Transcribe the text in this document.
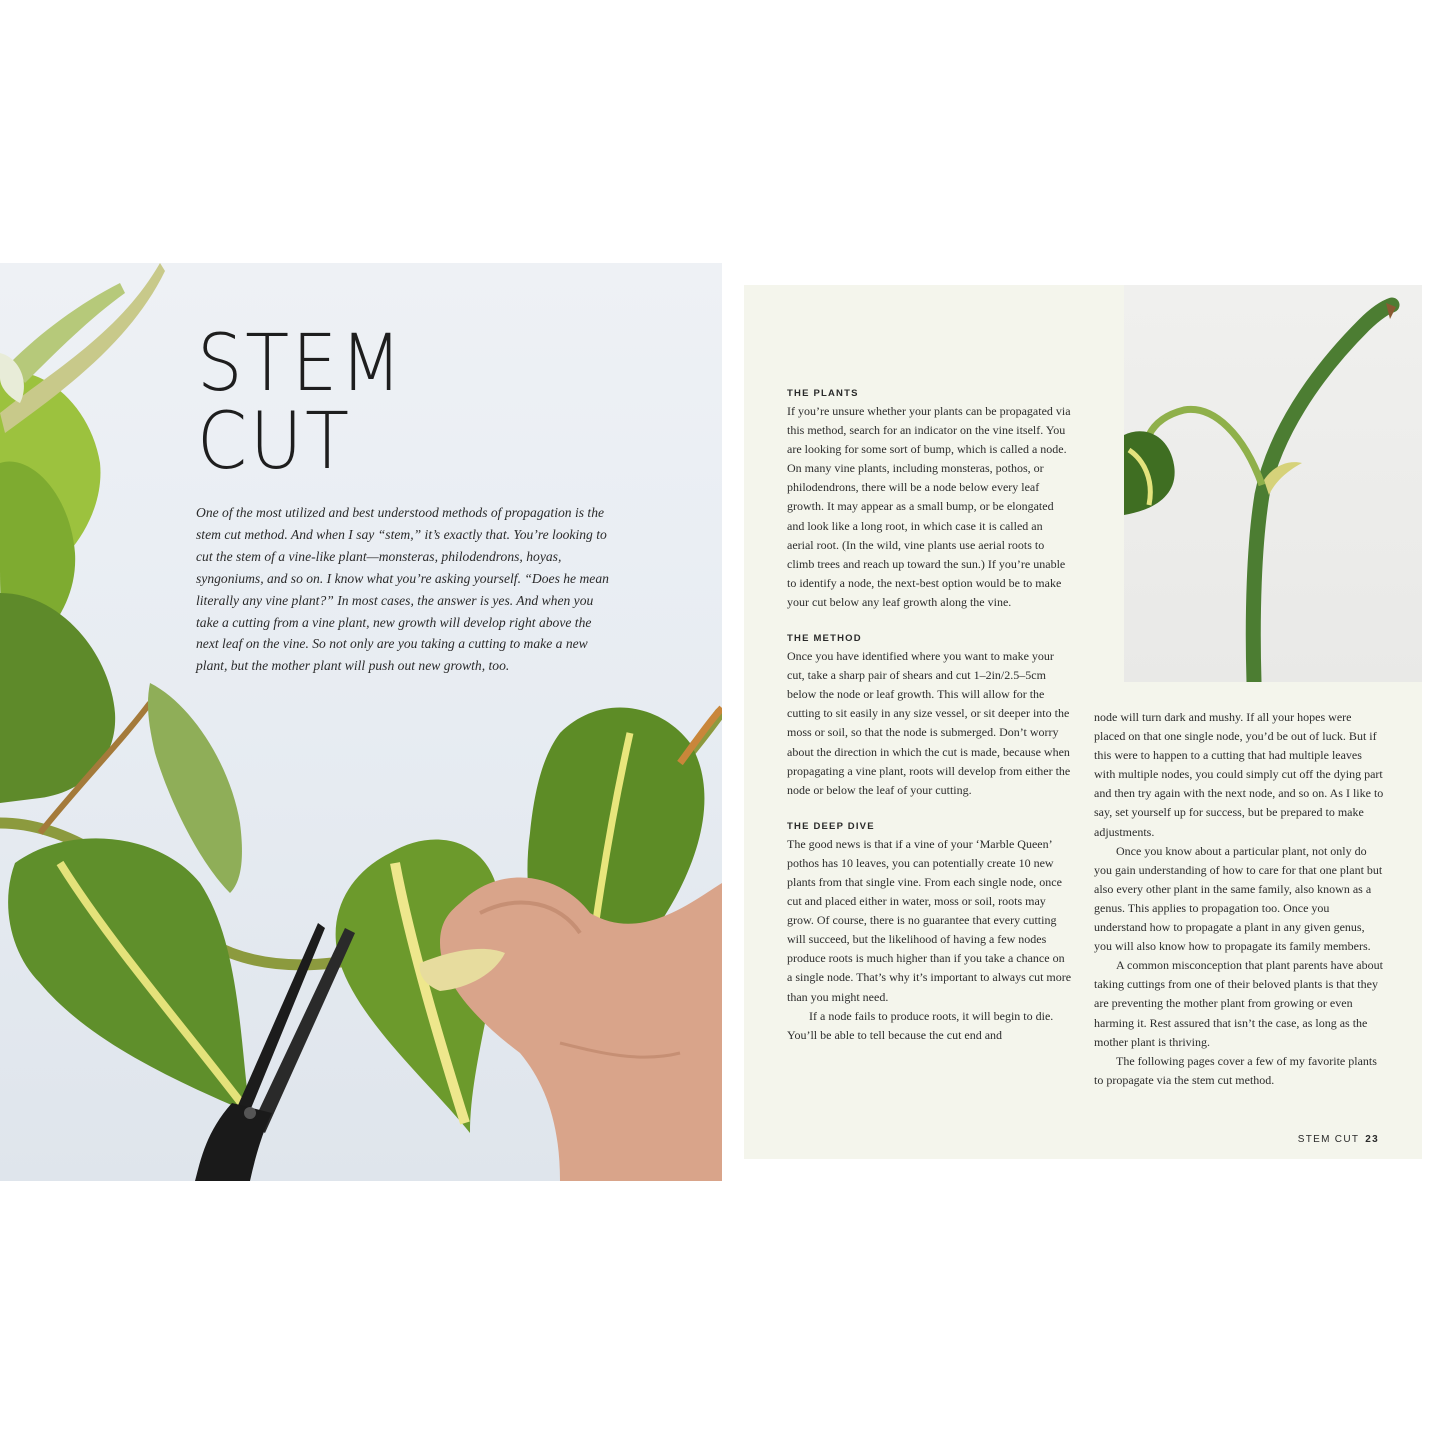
STEM
CUT

One of the most utilized and best understood methods of propagation is the stem cut method. And when I say “stem,” it’s exactly that. You’re looking to cut the stem of a vine-like plant—monsteras, philodendrons, hoyas, syngoniums, and so on. I know what you’re asking yourself. “Does he mean literally any vine plant?” In most cases, the answer is yes. And when you take a cutting from a vine plant, new growth will develop right above the next leaf on the vine. So not only are you taking a cutting to make a new plant, but the mother plant will push out new growth, too.

THE PLANTS

If you’re unsure whether your plants can be propagated via this method, search for an indicator on the vine itself. You are looking for some sort of bump, which is called a node. On many vine plants, including monsteras, pothos, or philodendrons, there will be a node below every leaf growth. It may appear as a small bump, or be elongated and look like a long root, in which case it is called an aerial root. (In the wild, vine plants use aerial roots to climb trees and reach up toward the sun.) If you’re unable to identify a node, the next-best option would be to make your cut below any leaf growth along the vine.

THE METHOD

Once you have identified where you want to make your cut, take a sharp pair of shears and cut 1–2in/2.5–5cm below the node or leaf growth. This will allow for the cutting to sit easily in any size vessel, or sit deeper into the moss or soil, so that the node is submerged. Don’t worry about the direction in which the cut is made, because when propagating a vine plant, roots will develop from either the node or below the leaf of your cutting.

THE DEEP DIVE

The good news is that if a vine of your ‘Marble Queen’ pothos has 10 leaves, you can potentially create 10 new plants from that single vine. From each single node, once cut and placed either in water, moss or soil, roots may grow. Of course, there is no guarantee that every cutting will succeed, but the likelihood of having a few nodes produce roots is much higher than if you take a chance on a single node. That’s why it’s important to always cut more than you might need.

If a node fails to produce roots, it will begin to die. You’ll be able to tell because the cut end and

node will turn dark and mushy. If all your hopes were placed on that one single node, you’d be out of luck. But if this were to happen to a cutting that had multiple leaves with multiple nodes, you could simply cut off the dying part and then try again with the next node, and so on. As I like to say, set yourself up for success, but be prepared to make adjustments.

Once you know about a particular plant, not only do you gain understanding of how to care for that one plant but also every other plant in the same family, also known as a genus. This applies to propagation too. Once you understand how to propagate a plant in any given genus, you will also know how to propagate its family members.

A common misconception that plant parents have about taking cuttings from one of their beloved plants is that they are preventing the mother plant from growing or even harming it. Rest assured that isn’t the case, as long as the mother plant is thriving.

The following pages cover a few of my favorite plants to propagate via the stem cut method.

STEM CUT 23
